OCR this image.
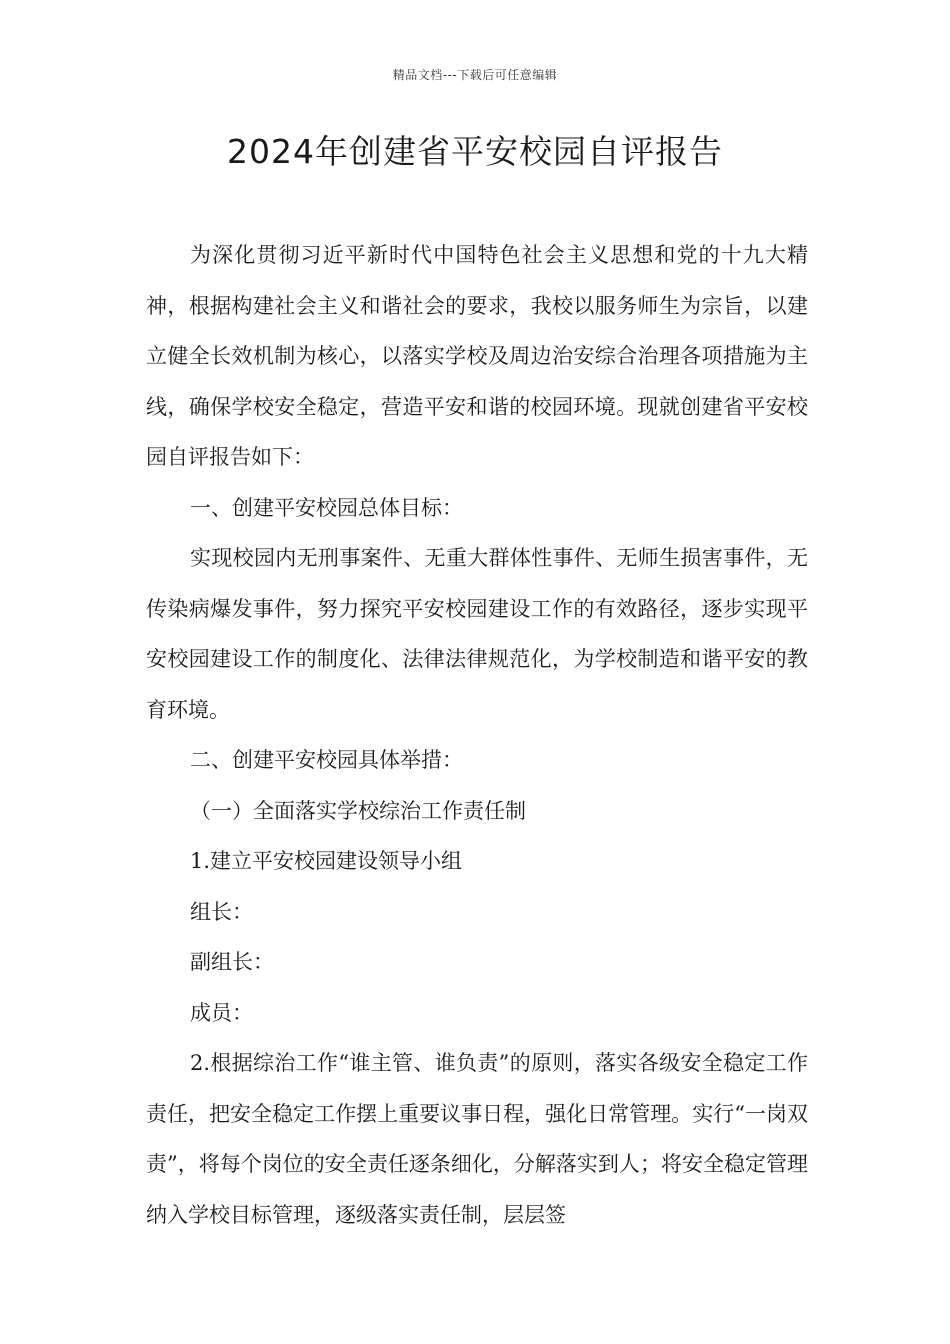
精品文档---下载后可任意编辑
2024年创建省平安校园自评报告

为深化贯彻习近平新时代中国特色社会主义思想和党的十九大精神，根据构建社会主义和谐社会的要求，我校以服务师生为宗旨，以建立健全长效机制为核心，以落实学校及周边治安综合治理各项措施为主线，确保学校安全稳定，营造平安和谐的校园环境。现就创建省平安校园自评报告如下：

一、创建平安校园总体目标：

实现校园内无刑事案件、无重大群体性事件、无师生损害事件，无传染病爆发事件，努力探究平安校园建设工作的有效路径，逐步实现平安校园建设工作的制度化、法律法律规范化，为学校制造和谐平安的教育环境。

二、创建平安校园具体举措：

（一）全面落实学校综治工作责任制

1.建立平安校园建设领导小组

组长：

副组长：

成员：

2.根据综治工作“谁主管、谁负责”的原则，落实各级安全稳定工作责任，把安全稳定工作摆上重要议事日程，强化日常管理。实行“一岗双责”，将每个岗位的安全责任逐条细化，分解落实到人；将安全稳定管理纳入学校目标管理，逐级落实责任制，层层签
